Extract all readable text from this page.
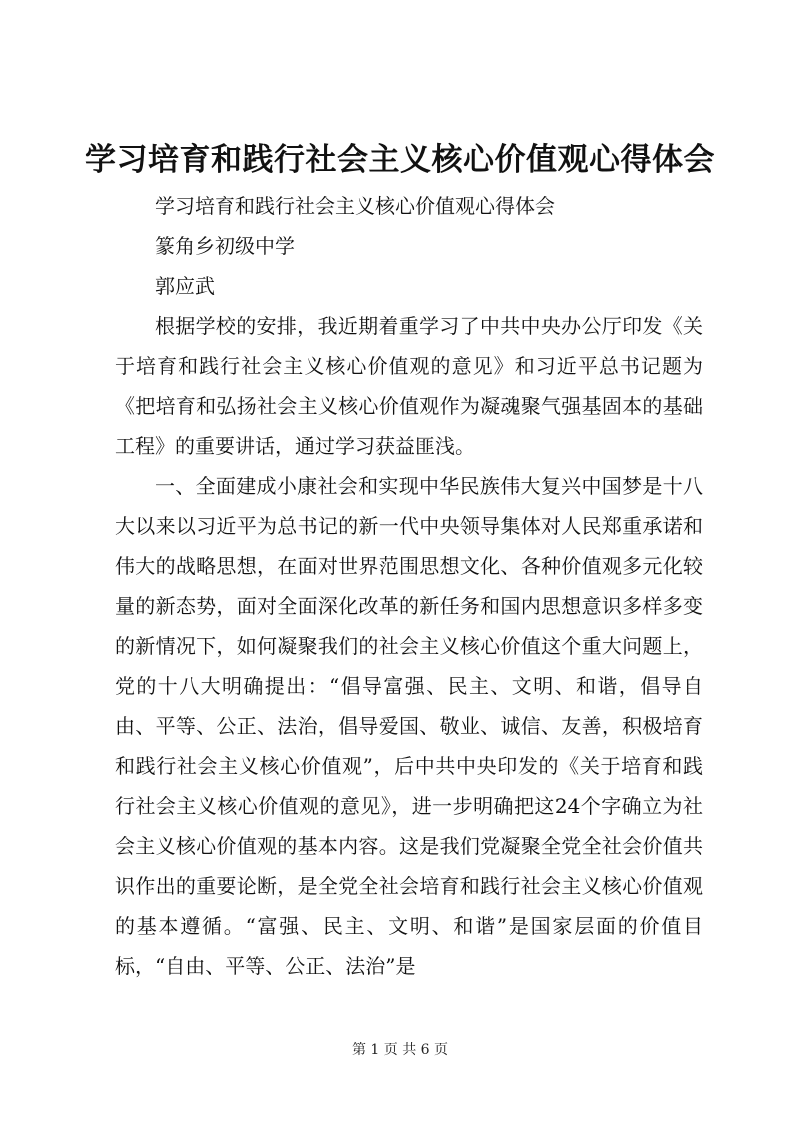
学习培育和践行社会主义核心价值观心得体会

学习培育和践行社会主义核心价值观心得体会

篆角乡初级中学

郭应武

根据学校的安排，我近期着重学习了中共中央办公厅印发《关于培育和践行社会主义核心价值观的意见》和习近平总书记题为《把培育和弘扬社会主义核心价值观作为凝魂聚气强基固本的基础工程》的重要讲话，通过学习获益匪浅。

一、全面建成小康社会和实现中华民族伟大复兴中国梦是十八大以来以习近平为总书记的新一代中央领导集体对人民郑重承诺和伟大的战略思想，在面对世界范围思想文化、各种价值观多元化较量的新态势，面对全面深化改革的新任务和国内思想意识多样多变的新情况下，如何凝聚我们的社会主义核心价值这个重大问题上，党的十八大明确提出：“倡导富强、民主、文明、和谐，倡导自由、平等、公正、法治，倡导爱国、敬业、诚信、友善，积极培育和践行社会主义核心价值观”，后中共中央印发的《关于培育和践行社会主义核心价值观的意见》，进一步明确把这24个字确立为社会主义核心价值观的基本内容。这是我们党凝聚全党全社会价值共识作出的重要论断，是全党全社会培育和践行社会主义核心价值观的基本遵循。“富强、民主、文明、和谐”是国家层面的价值目标，“自由、平等、公正、法治”是

第 1 页 共 6 页
